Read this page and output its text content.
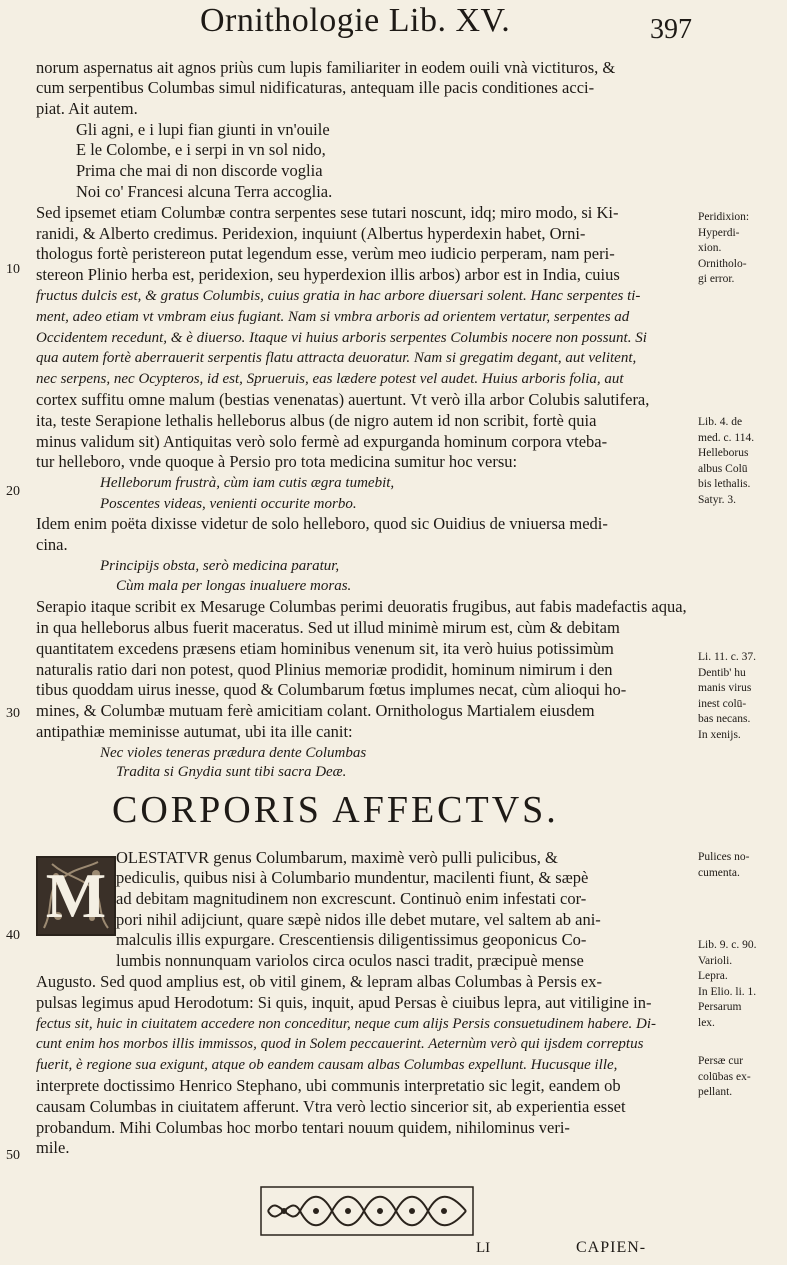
Ornithologie Lib. XV.	397
10
20
30
40
50
norum aspernatus ait agnos priùs cum lupis familiariter in eodem ouili vnà victituros, &
cum serpentibus Columbas simul nidificaturas, antequam ille pacis conditiones acci-
piat. Ait autem.
Gli agni, e i lupi fian giunti in vn'ouile
E le Colombe, e i serpi in vn sol nido,
Prima che mai di non discorde voglia
Noi co' Francesi alcuna Terra accoglia.
Sed ipsemet etiam Columbæ contra serpentes sese tutari noscunt, idq; miro modo, si Ki-
ranidi, & Alberto credimus. Peridexion, inquiunt (Albertus hyperdexin habet, Orni-
thologus fortè peristereon putat legendum esse, verùm meo iudicio perperam, nam peri-
stereon Plinio herba est, peridexion, seu hyperdexion illis arbos) arbor est in India, cuius
fructus dulcis est, & gratus Columbis, cuius gratia in hac arbore diuersari solent. Hanc serpentes ti-
ment, adeo etiam vt vmbram eius fugiant. Nam si vmbra arboris ad orientem vertatur, serpentes ad
Occidentem recedunt, & è diuerso. Itaque vi huius arboris serpentes Columbis nocere non possunt. Si
qua autem fortè aberrauerit serpentis flatu attracta deuoratur. Nam si gregatim degant, aut velitent,
nec serpens, nec Ocypteros, id est, Sprueruis, eas lædere potest vel audet. Huius arboris folia, aut
cortex suffitu omne malum (bestias venenatas) auertunt. Vt verò illa arbor Colubis salutifera,
ita, teste Serapione lethalis helleborus albus (de nigro autem id non scribit, fortè quia
minus validum sit) Antiquitas verò solo fermè ad expurganda hominum corpora vteba-
tur helleboro, vnde quoque à Persio pro tota medicina sumitur hoc versu:
Helleborum frustrà, cùm iam cutis ægra tumebit,
Poscentes videas, venienti occurite morbo.
Idem enim poëta dixisse videtur de solo helleboro, quod sic Ouidius de vniuersa medi-
cina.
Principijs obsta, serò medicina paratur,
Cùm mala per longas inualuere moras.
Serapio itaque scribit ex Mesaruge Columbas perimi deuoratis frugibus, aut fabis madefactis aqua,
in qua helleborus albus fuerit maceratus. Sed ut illud minimè mirum est, cùm & debitam
quantitatem excedens præsens etiam hominibus venenum sit, ita verò huius potissimùm
naturalis ratio dari non potest, quod Plinius memoriæ prodidit, hominum nimirum i den
tibus quoddam uirus inesse, quod & Columbarum fœtus implumes necat, cùm alioqui ho-
mines, & Columbæ mutuam ferè amicitiam colant. Ornithologus Martialem eiusdem
antipathiæ meminisse autumat, ubi ita ille canit:
Nec violes teneras prædura dente Columbas
Tradita si Gnydia sunt tibi sacra Deæ.
CORPORIS AFFECTVS.
M
OLESTATVR genus Columbarum, maximè verò pulli pulicibus, &
pediculis, quibus nisi à Columbario mundentur, macilenti fiunt, & sæpè
ad debitam magnitudinem non excrescunt. Continuò enim infestati cor-
pori nihil adijciunt, quare sæpè nidos ille debet mutare, vel saltem ab ani-
malculis illis expurgare. Crescentiensis diligentissimus geoponicus Co-
lumbis nonnunquam variolos circa oculos nasci tradit, præcipuè mense
Augusto. Sed quod amplius est, ob vitil ginem, & lepram albas Columbas à Persis ex-
pulsas legimus apud Herodotum: Si quis, inquit, apud Persas è ciuibus lepra, aut vitiligine in-
fectus sit, huic in ciuitatem accedere non conceditur, neque cum alijs Persis consuetudinem habere. Di-
cunt enim hos morbos illis immissos, quod in Solem peccauerint. Aeternùm verò qui ijsdem correptus
fuerit, è regione sua exigunt, atque ob eandem causam albas Columbas expellunt. Hucusque ille,
interprete doctissimo Henrico Stephano, ubi communis interpretatio sic legit, eandem ob
causam Columbas in ciuitatem afferunt. Vtra verò lectio sincerior sit, ab experientia esset
probandum. Mihi Columbas hoc morbo tentari nouum quidem, nihilominus veri-
mile.
Peridixion:
Hyperdi-
xion.
Ornitholo-
gi error.
Lib. 4. de
med. c. 114.
Helleborus
albus Colū
bis lethalis.
Satyr. 3.
Li. 11. c. 37.
Dentib' hu
manis virus
inest colū-
bas necans.
In xenijs.
Pulices no-
cumenta.
Lib. 9. c. 90.
Varioli.
Lepra.
In Elio. li. 1.
Persarum
lex.
Persæ cur
colūbas ex-
pellant.
LI	CAPIEN-
